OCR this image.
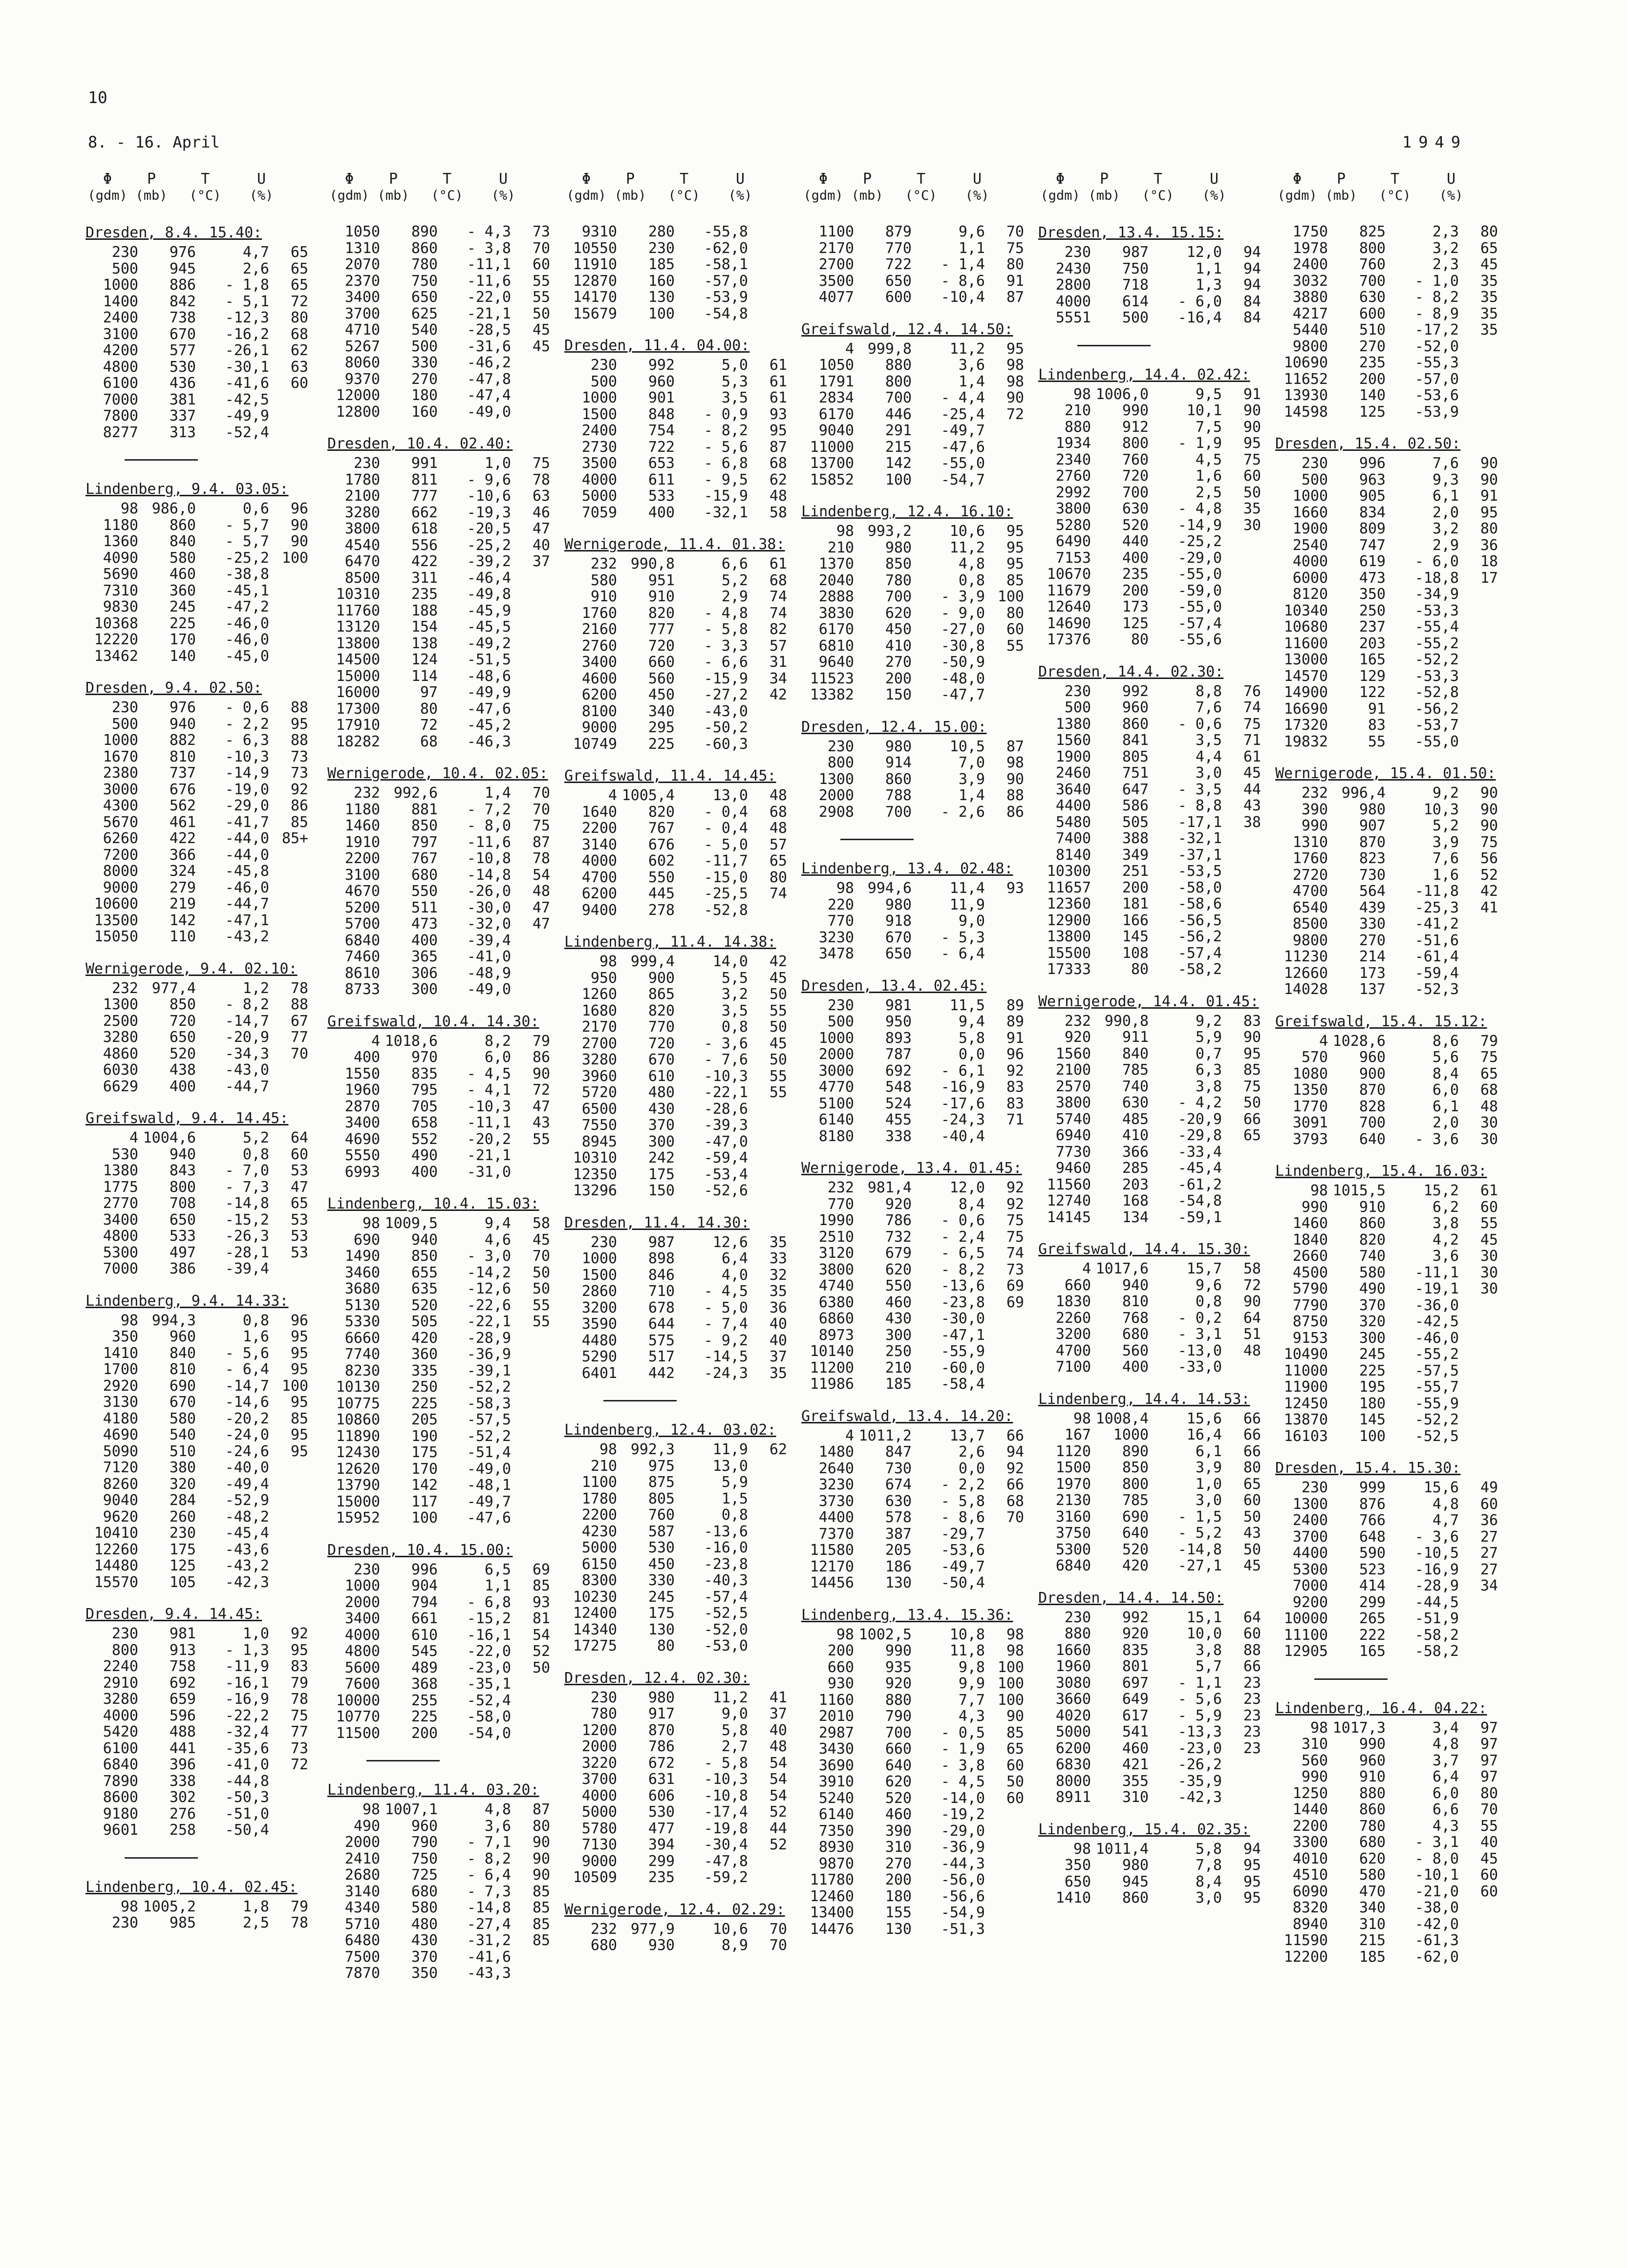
10
8. - 16. April	1949
Φ	P	T	U
(gdm) (mb)	(°C)	(%)
Dresden, 8.4. 15.40:
230	976	4,7	65
500	945	2,6	65
1000	886	- 1,8	65
1400	842	- 5,1	72
2400	738	-12,3	80
3100	670	-16,2	68
4200	577	-26,1	62
4800	530	-30,1	63
6100	436	-41,6	60
7000	381	-42,5
7800	337	-49,9
8277	313	-52,4
Lindenberg, 9.4. 03.05:
98 986,0	0,6	96
1180	860	- 5,7	90
1360	840	- 5,7	90
4090	580	-25,2 100
5690	460	-38,8
7310	360	-45,1
9830	245	-47,2
10368	225	-46,0
12220	170	-46,0
13462	140	-45,0
Dresden, 9.4. 02.50:
230	976	- 0,6	88
500	940	- 2,2	95
1000	882	- 6,3	88
1670	810	-10,3	73
2380	737	-14,9	73
3000	676	-19,0	92
4300	562	-29,0	86
5670	461	-41,7	85
6260	422	-44,0 85+
7200	366	-44,0
8000	324	-45,8
9000	279	-46,0
10600	219	-44,7
13500	142	-47,1
15050	110	-43,2
Wernigerode, 9.4. 02.10:
232 977,4	1,2	78
1300	850	- 8,2	88
2500	720	-14,7	67
3280	650	-20,9	77
4860	520	-34,3	70
6030	438	-43,0
6629	400	-44,7
Greifswald, 9.4. 14.45:
4 1004,6	5,2	64
530	940	0,8	60
1380	843	- 7,0	53
1775	800	- 7,3	47
2770	708	-14,8	65
3400	650	-15,2	53
4800	533	-26,3	53
5300	497	-28,1	53
7000	386	-39,4
Lindenberg, 9.4. 14.33:
98 994,3	0,8	96
350	960	1,6	95
1410	840	- 5,6	95
1700	810	- 6,4	95
2920	690	-14,7 100
3130	670	-14,6	95
4180	580	-20,2	85
4690	540	-24,0	95
5090	510	-24,6	95
7120	380	-40,0
8260	320	-49,4
9040	284	-52,9
9620	260	-48,2
10410	230	-45,4
12260	175	-43,6
14480	125	-43,2
15570	105	-42,3
Dresden, 9.4. 14.45:
230	981	1,0	92
800	913	- 1,3	95
2240	758	-11,9	83
2910	692	-16,1	79
3280	659	-16,9	78
4000	596	-22,2	75
5420	488	-32,4	77
6100	441	-35,6	73
6840	396	-41,0	72
7890	338	-44,8
8600	302	-50,3
9180	276	-51,0
9601	258	-50,4
Lindenberg, 10.4. 02.45:
98 1005,2	1,8	79
230	985	2,5	78
Φ	P	T	U
(gdm) (mb)	(°C)	(%)
1050	890	- 4,3	73
1310	860	- 3,8	70
2070	780	-11,1	60
2370	750	-11,6	55
3400	650	-22,0	55
3700	625	-21,1	50
4710	540	-28,5	45
5267	500	-31,6	45
8060	330	-46,2
9370	270	-47,8
12000	180	-47,4
12800	160	-49,0
Dresden, 10.4. 02.40:
230	991	1,0	75
1780	811	- 9,6	78
2100	777	-10,6	63
3280	662	-19,3	46
3800	618	-20,5	47
4540	556	-25,2	40
6470	422	-39,2	37
8500	311	-46,4
10310	235	-49,8
11760	188	-45,9
13120	154	-45,5
13800	138	-49,2
14500	124	-51,5
15000	114	-48,6
16000	97	-49,9
17300	80	-47,6
17910	72	-45,2
18282	68	-46,3
Wernigerode, 10.4. 02.05:
232 992,6	1,4	70
1180	881	- 7,2	70
1460	850	- 8,0	75
1910	797	-11,6	87
2200	767	-10,8	78
3100	680	-14,8	54
4670	550	-26,0	48
5200	511	-30,0	47
5700	473	-32,0	47
6840	400	-39,4
7460	365	-41,0
8610	306	-48,9
8733	300	-49,0
Greifswald, 10.4. 14.30:
4 1018,6	8,2	79
400	970	6,0	86
1550	835	- 4,5	90
1960	795	- 4,1	72
2870	705	-10,3	47
3400	658	-11,1	43
4690	552	-20,2	55
5550	490	-21,1
6993	400	-31,0
Lindenberg, 10.4. 15.03:
98 1009,5	9,4	58
690	940	4,6	45
1490	850	- 3,0	70
3460	655	-14,2	50
3680	635	-12,6	50
5130	520	-22,6	55
5330	505	-22,1	55
6660	420	-28,9
7740	360	-36,9
8230	335	-39,1
10130	250	-52,2
10775	225	-58,3
10860	205	-57,5
11890	190	-52,2
12430	175	-51,4
12620	170	-49,0
13790	142	-48,1
15000	117	-49,7
15952	100	-47,6
Dresden, 10.4. 15.00:
230	996	6,5	69
1000	904	1,1	85
2000	794	- 6,8	93
3400	661	-15,2	81
4000	610	-16,1	54
4800	545	-22,0	52
5600	489	-23,0	50
7600	368	-35,1
10000	255	-52,4
10770	225	-58,0
11500	200	-54,0
Lindenberg, 11.4. 03.20:
98 1007,1	4,8	87
490	960	3,6	80
2000	790	- 7,1	90
2410	750	- 8,2	90
2680	725	- 6,4	90
3140	680	- 7,3	85
4340	580	-14,8	85
5710	480	-27,4	85
6480	430	-31,2	85
7500	370	-41,6
7870	350	-43,3
Φ	P	T	U
(gdm) (mb)	(°C)	(%)
9310	280	-55,8
10550	230	-62,0
11910	185	-58,1
12870	160	-57,0
14170	130	-53,9
15679	100	-54,8
Dresden, 11.4. 04.00:
230	992	5,0	61
500	960	5,3	61
1000	901	3,5	61
1500	848	- 0,9	93
2400	754	- 8,2	95
2730	722	- 5,6	87
3500	653	- 6,8	68
4000	611	- 9,5	62
5000	533	-15,9	48
7059	400	-32,1	58
Wernigerode, 11.4. 01.38:
232 990,8	6,6	61
580	951	5,2	68
910	910	2,9	74
1760	820	- 4,8	74
2160	777	- 5,8	82
2760	720	- 3,3	57
3400	660	- 6,6	31
4600	560	-15,9	34
6200	450	-27,2	42
8100	340	-43,0
9000	295	-50,2
10749	225	-60,3
Greifswald, 11.4. 14.45:
4 1005,4	13,0	48
1640	820	- 0,4	68
2200	767	- 0,4	48
3140	676	- 5,0	57
4000	602	-11,7	65
4700	550	-15,0	80
6200	445	-25,5	74
9400	278	-52,8
Lindenberg, 11.4. 14.38:
98 999,4	14,0	42
950	900	5,5	45
1260	865	3,2	50
1680	820	3,5	55
2170	770	0,8	50
2700	720	- 3,6	45
3280	670	- 7,6	50
3960	610	-10,3	55
5720	480	-22,1	55
6500	430	-28,6
7550	370	-39,3
8945	300	-47,0
10310	242	-59,4
12350	175	-53,4
13296	150	-52,6
Dresden, 11.4. 14.30:
230	987	12,6	35
1000	898	6,4	33
1500	846	4,0	32
2860	710	- 4,5	35
3200	678	- 5,0	36
3590	644	- 7,4	40
4480	575	- 9,2	40
5290	517	-14,5	37
6401	442	-24,3	35
Lindenberg, 12.4. 03.02:
98 992,3	11,9	62
210	975	13,0
1100	875	5,9
1780	805	1,5
2200	760	0,8
4230	587	-13,6
5000	530	-16,0
6150	450	-23,8
8300	330	-40,3
10230	245	-57,4
12400	175	-52,5
14340	130	-52,0
17275	80	-53,0
Dresden, 12.4. 02.30:
230	980	11,2	41
780	917	9,0	37
1200	870	5,8	40
2000	786	2,7	48
3220	672	- 5,8	54
3700	631	-10,3	54
4000	606	-10,8	54
5000	530	-17,4	52
5780	477	-19,8	44
7130	394	-30,4	52
9000	299	-47,8
10509	235	-59,2
Wernigerode, 12.4. 02.29:
232 977,9	10,6	70
680	930	8,9	70
Φ	P	T	U
(gdm) (mb)	(°C)	(%)
1100	879	9,6	70
2170	770	1,1	75
2700	722	- 1,4	80
3500	650	- 8,6	91
4077	600	-10,4	87
Greifswald, 12.4. 14.50:
4 999,8	11,2	95
1050	880	3,6	98
1791	800	1,4	98
2834	700	- 4,4	90
6170	446	-25,4	72
9040	291	-49,7
11000	215	-47,6
13700	142	-55,0
15852	100	-54,7
Lindenberg, 12.4. 16.10:
98 993,2	10,6	95
210	980	11,2	95
1370	850	4,8	95
2040	780	0,8	85
2888	700	- 3,9 100
3830	620	- 9,0	80
6170	450	-27,0	60
6810	410	-30,8	55
9640	270	-50,9
11523	200	-48,0
13382	150	-47,7
Dresden, 12.4. 15.00:
230	980	10,5	87
800	914	7,0	98
1300	860	3,9	90
2000	788	1,4	88
2908	700	- 2,6	86
Lindenberg, 13.4. 02.48:
98 994,6	11,4	93
220	980	11,9
770	918	9,0
3230	670	- 5,3
3478	650	- 6,4
Dresden, 13.4. 02.45:
230	981	11,5	89
500	950	9,4	89
1000	893	5,8	91
2000	787	0,0	96
3000	692	- 6,1	92
4770	548	-16,9	83
5100	524	-17,6	83
6140	455	-24,3	71
8180	338	-40,4
Wernigerode, 13.4. 01.45:
232 981,4	12,0	92
770	920	8,4	92
1990	786	- 0,6	75
2510	732	- 2,4	75
3120	679	- 6,5	74
3800	620	- 8,2	73
4740	550	-13,6	69
6380	460	-23,8	69
6860	430	-30,0
8973	300	-47,1
10140	250	-55,9
11200	210	-60,0
11986	185	-58,4
Greifswald, 13.4. 14.20:
4 1011,2	13,7	66
1480	847	2,6	94
2640	730	0,0	92
3230	674	- 2,2	66
3730	630	- 5,8	68
4400	578	- 8,6	70
7370	387	-29,7
11580	205	-53,6
12170	186	-49,7
14456	130	-50,4
Lindenberg, 13.4. 15.36:
98 1002,5	10,8	98
200	990	11,8	98
660	935	9,8 100
930	920	9,9 100
1160	880	7,7 100
2010	790	4,3	90
2987	700	- 0,5	85
3430	660	- 1,9	65
3690	640	- 3,8	60
3910	620	- 4,5	50
5240	520	-14,0	60
6140	460	-19,2
7350	390	-29,0
8930	310	-36,9
9870	270	-44,3
11780	200	-56,0
12460	180	-56,6
13400	155	-54,9
14476	130	-51,3
Φ	P	T	U
(gdm) (mb)	(°C)	(%)
Dresden, 13.4. 15.15:
230	987	12,0	94
2430	750	1,1	94
2800	718	1,3	94
4000	614	- 6,0	84
5551	500	-16,4	84
Lindenberg, 14.4. 02.42:
98 1006,0	9,5	91
210	990	10,1	90
880	912	7,5	90
1934	800	- 1,9	95
2340	760	4,5	75
2760	720	1,6	60
2992	700	2,5	50
3800	630	- 4,8	35
5280	520	-14,9	30
6490	440	-25,2
7153	400	-29,0
10670	235	-55,0
11679	200	-59,0
12640	173	-55,0
14690	125	-57,4
17376	80	-55,6
Dresden, 14.4. 02.30:
230	992	8,8	76
500	960	7,6	74
1380	860	- 0,6	75
1560	841	3,5	71
1900	805	4,4	61
2460	751	3,0	45
3640	647	- 3,5	44
4400	586	- 8,8	43
5480	505	-17,1	38
7400	388	-32,1
8140	349	-37,1
10300	251	-53,5
11657	200	-58,0
12360	181	-58,6
12900	166	-56,5
13800	145	-56,2
15500	108	-57,4
17333	80	-58,2
Wernigerode, 14.4. 01.45:
232 990,8	9,2	83
920	911	5,9	90
1560	840	0,7	95
2100	785	6,3	85
2570	740	3,8	75
3800	630	- 4,2	50
5740	485	-20,9	66
6940	410	-29,8	65
7730	366	-33,4
9460	285	-45,4
11560	203	-61,2
12740	168	-54,8
14145	134	-59,1
Greifswald, 14.4. 15.30:
4 1017,6	15,7	58
660	940	9,6	72
1830	810	0,8	90
2260	768	- 0,2	64
3200	680	- 3,1	51
4700	560	-13,0	48
7100	400	-33,0
Lindenberg, 14.4. 14.53:
98 1008,4	15,6	66
167	1000	16,4	66
1120	890	6,1	66
1500	850	3,9	80
1970	800	1,0	65
2130	785	3,0	60
3160	690	- 1,5	50
3750	640	- 5,2	43
5300	520	-14,8	50
6840	420	-27,1	45
Dresden, 14.4. 14.50:
230	992	15,1	64
880	920	10,0	60
1660	835	3,8	88
1960	801	5,7	66
3080	697	- 1,1	23
3660	649	- 5,6	23
4020	617	- 5,9	23
5000	541	-13,3	23
6200	460	-23,0	23
6830	421	-26,2
8000	355	-35,9
8911	310	-42,3
Lindenberg, 15.4. 02.35:
98 1011,4	5,8	94
350	980	7,8	95
650	945	8,4	95
1410	860	3,0	95
Φ	P	T	U
(gdm) (mb)	(°C)	(%)
1750	825	2,3	80
1978	800	3,2	65
2400	760	2,3	45
3032	700	- 1,0	35
3880	630	- 8,2	35
4217	600	- 8,9	35
5440	510	-17,2	35
9800	270	-52,0
10690	235	-55,3
11652	200	-57,0
13930	140	-53,6
14598	125	-53,9
Dresden, 15.4. 02.50:
230	996	7,6	90
500	963	9,3	90
1000	905	6,1	91
1660	834	2,0	95
1900	809	3,2	80
2540	747	2,9	36
4000	619	- 6,0	18
6000	473	-18,8	17
8120	350	-34,9
10340	250	-53,3
10680	237	-55,4
11600	203	-55,2
13000	165	-52,2
14570	129	-53,3
14900	122	-52,8
16690	91	-56,2
17320	83	-53,7
19832	55	-55,0
Wernigerode, 15.4. 01.50:
232 996,4	9,2	90
390	980	10,3	90
990	907	5,2	90
1310	870	3,9	75
1760	823	7,6	56
2720	730	1,6	52
4700	564	-11,8	42
6540	439	-25,3	41
8500	330	-41,2
9800	270	-51,6
11230	214	-61,4
12660	173	-59,4
14028	137	-52,3
Greifswald, 15.4. 15.12:
4 1028,6	8,6	79
570	960	5,6	75
1080	900	8,4	65
1350	870	6,0	68
1770	828	6,1	48
3091	700	2,0	30
3793	640	- 3,6	30
Lindenberg, 15.4. 16.03:
98 1015,5	15,2	61
990	910	6,2	60
1460	860	3,8	55
1840	820	4,2	45
2660	740	3,6	30
4500	580	-11,1	30
5790	490	-19,1	30
7790	370	-36,0
8750	320	-42,5
9153	300	-46,0
10490	245	-55,2
11000	225	-57,5
11900	195	-55,7
12450	180	-55,9
13870	145	-52,2
16103	100	-52,5
Dresden, 15.4. 15.30:
230	999	15,6	49
1300	876	4,8	60
2400	766	4,7	36
3700	648	- 3,6	27
4400	590	-10,5	27
5300	523	-16,9	27
7000	414	-28,9	34
9200	299	-44,5
10000	265	-51,9
11100	222	-58,2
12905	165	-58,2
Lindenberg, 16.4. 04.22:
98 1017,3	3,4	97
310	990	4,8	97
560	960	3,7	97
990	910	6,4	97
1250	880	6,0	80
1440	860	6,6	70
2200	780	4,3	55
3300	680	- 3,1	40
4010	620	- 8,0	45
4510	580	-10,1	60
6090	470	-21,0	60
8320	340	-38,0
8940	310	-42,0
11590	215	-61,3
12200	185	-62,0
